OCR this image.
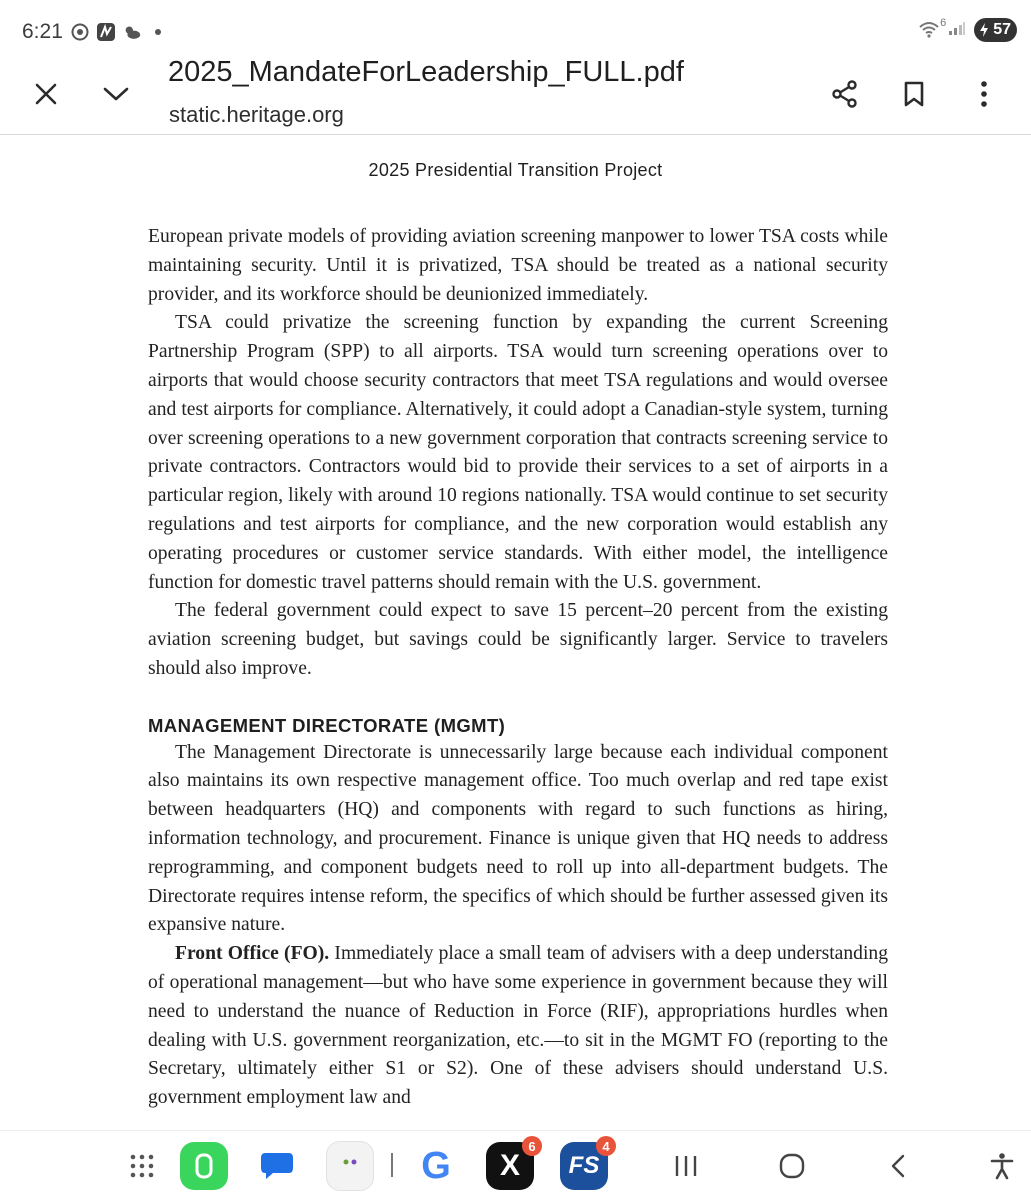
6:21	6	57
2025_MandateForLeadership_FULL.pdf
static.heritage.org
2025 Presidential Transition Project

European private models of providing aviation screening manpower to lower TSA costs while maintaining security. Until it is privatized, TSA should be treated as a national security provider, and its workforce should be deunionized immediately.

TSA could privatize the screening function by expanding the current Screening Partnership Program (SPP) to all airports. TSA would turn screening operations over to airports that would choose security contractors that meet TSA regulations and would oversee and test airports for compliance. Alternatively, it could adopt a Canadian-style system, turning over screening operations to a new government corporation that contracts screening service to private contractors. Contractors would bid to provide their services to a set of airports in a particular region, likely with around 10 regions nationally. TSA would continue to set security regulations and test airports for compliance, and the new corporation would establish any operating procedures or customer service standards. With either model, the intelligence function for domestic travel patterns should remain with the U.S. government.

The federal government could expect to save 15 percent–20 percent from the existing aviation screening budget, but savings could be significantly larger. Service to travelers should also improve.

MANAGEMENT DIRECTORATE (MGMT)

The Management Directorate is unnecessarily large because each individual component also maintains its own respective management office. Too much overlap and red tape exist between headquarters (HQ) and components with regard to such functions as hiring, information technology, and procurement. Finance is unique given that HQ needs to address reprogramming, and component budgets need to roll up into all-department budgets. The Directorate requires intense reform, the specifics of which should be further assessed given its expansive nature.

Front Office (FO). Immediately place a small team of advisers with a deep understanding of operational management—but who have some experience in government because they will need to understand the nuance of Reduction in Force (RIF), appropriations hurdles when dealing with U.S. government reorganization, etc.—to sit in the MGMT FO (reporting to the Secretary, ultimately either S1 or S2). One of these advisers should understand U.S. government employment law and

G X
6
FS
4
